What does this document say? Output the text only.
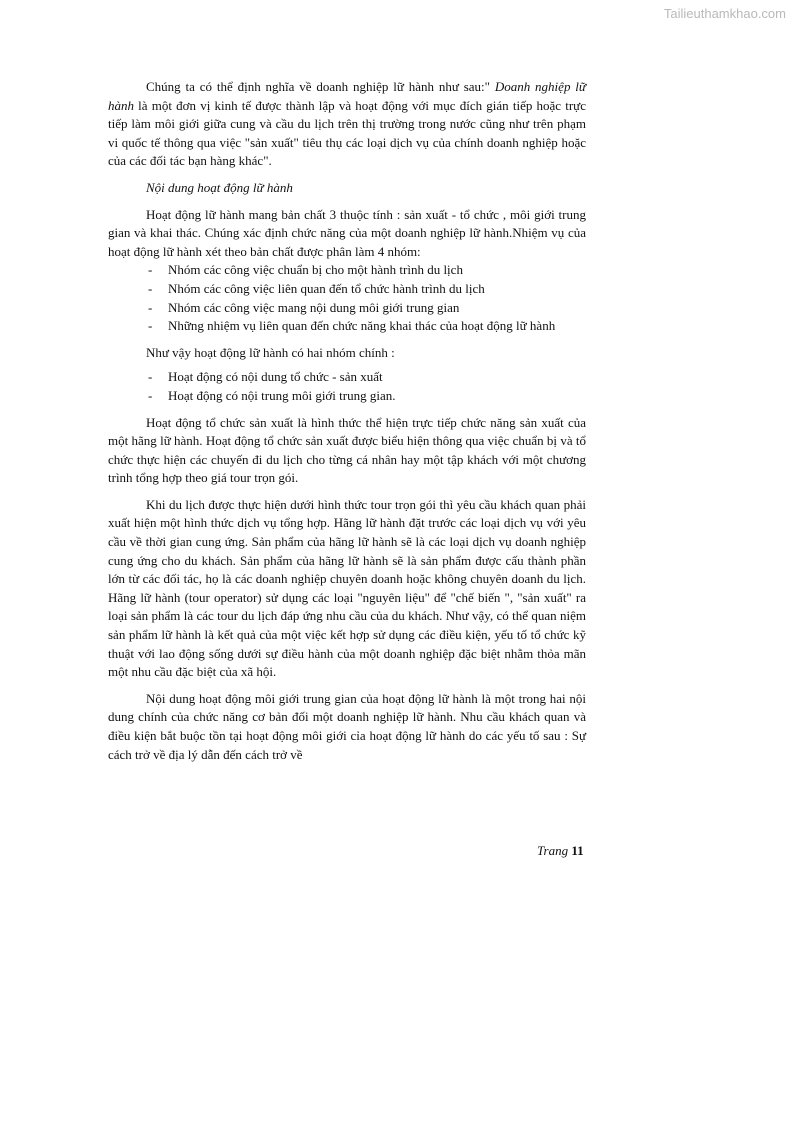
Tailieuthamkhao.com

Chúng ta có thể định nghĩa về doanh nghiệp lữ hành như sau:" Doanh nghiệp lữ hành là một đơn vị kinh tế được thành lập và hoạt động với mục đích gián tiếp hoặc trực tiếp làm môi giới giữa cung và cầu du lịch trên thị trường trong nước cũng như trên phạm vi quốc tế thông qua việc "sản xuất" tiêu thụ các loại dịch vụ của chính doanh nghiệp hoặc của các đối tác bạn hàng khác".

Nội dung hoạt động lữ hành

Hoạt động lữ hành mang bản chất 3 thuộc tính : sản xuất - tổ chức , môi giới trung gian và khai thác. Chúng xác định chức năng của một doanh nghiệp lữ hành.Nhiệm vụ của hoạt động lữ hành xét theo bản chất được phân làm 4 nhóm:

- Nhóm các công việc chuẩn bị cho một hành trình du lịch
- Nhóm các công việc liên quan đến tổ chức hành trình du lịch
- Nhóm các công việc mang nội dung môi giới trung gian
- Những nhiệm vụ liên quan đến chức năng khai thác của hoạt động lữ hành

Như vậy hoạt động lữ hành có hai nhóm chính :

- Hoạt động có nội dung tổ chức - sản xuất
- Hoạt động có nội trung môi giới trung gian.

Hoạt động tổ chức sản xuất là hình thức thể hiện trực tiếp chức năng sản xuất của một hãng lữ hành. Hoạt động tổ chức sản xuất được biểu hiện thông qua việc chuẩn bị và tổ chức thực hiện các chuyến đi du lịch cho từng cá nhân hay một tập khách với một chương trình tổng hợp theo giá tour trọn gói.

Khi du lịch được thực hiện dưới hình thức tour trọn gói thì yêu cầu khách quan phải xuất hiện một hình thức dịch vụ tổng hợp. Hãng lữ hành đặt trước các loại dịch vụ với yêu cầu về thời gian cung ứng. Sản phẩm của hãng lữ hành sẽ là các loại dịch vụ doanh nghiệp cung ứng cho du khách. Sản phẩm của hãng lữ hành sẽ là sản phẩm được cấu thành phần lớn từ các đối tác, họ là các doanh nghiệp chuyên doanh hoặc không chuyên doanh du lịch. Hãng lữ hành (tour operator) sử dụng các loại "nguyên liệu" để "chế biến ", "sản xuất" ra loại sản phẩm là các tour du lịch đáp ứng nhu cầu của du khách. Như vậy, có thể quan niệm sản phẩm lữ hành là kết quả của một việc kết hợp sử dụng các điều kiện, yếu tố tổ chức kỹ thuật với lao động sống dưới sự điều hành của một doanh nghiệp đặc biệt nhằm thỏa mãn một nhu cầu đặc biệt của xã hội.

Nội dung hoạt động môi giới trung gian của hoạt động lữ hành là một trong hai nội dung chính của chức năng cơ bản đối một doanh nghiệp lữ hành. Nhu cầu khách quan và điều kiện bắt buộc tồn tại hoạt động môi giới cỉa hoạt động lữ hành do các yếu tố sau : Sự cách trở về địa lý dẫn đến cách trở về

Trang 11
